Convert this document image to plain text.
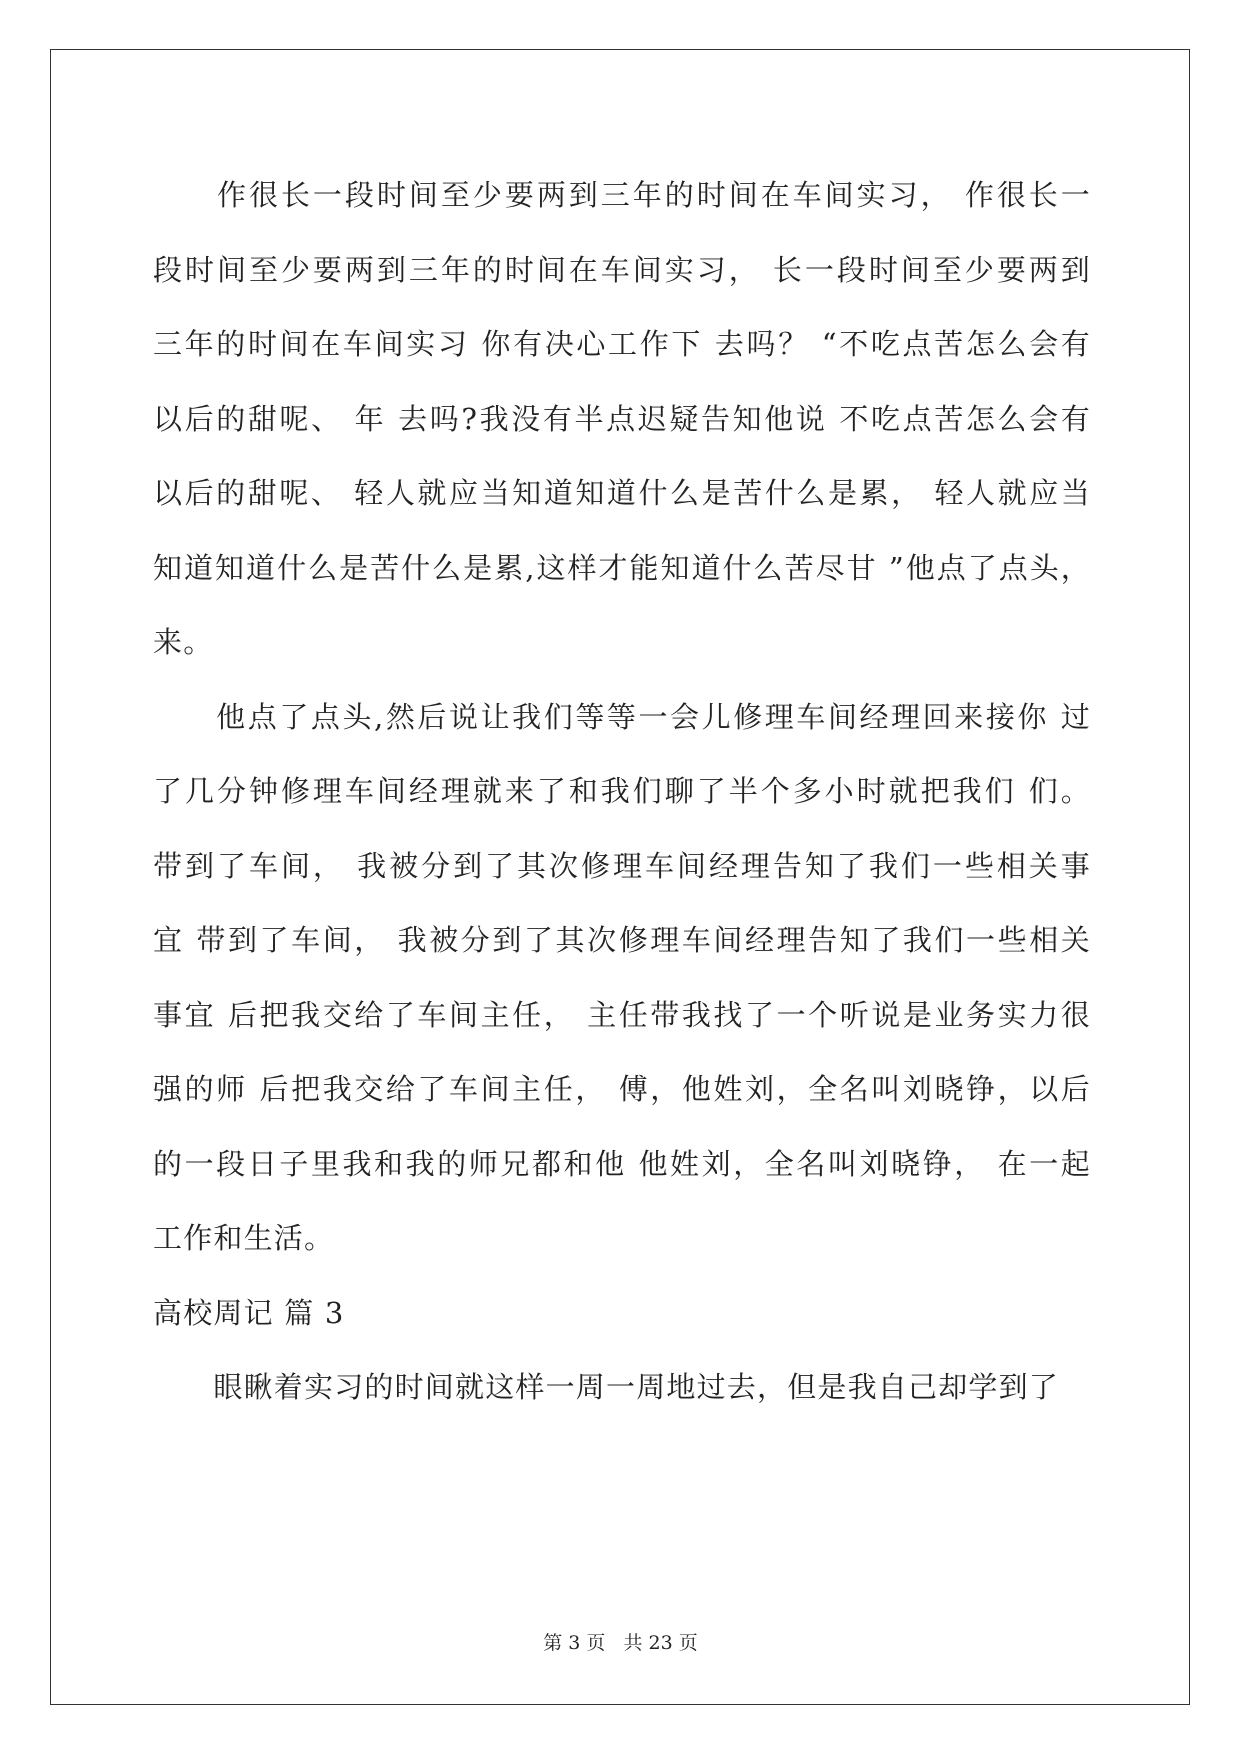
　　作很长一段时间至少要两到三年的时间在车间实习， 作很长一
段时间至少要两到三年的时间在车间实习， 长一段时间至少要两到
三年的时间在车间实习 你有决心工作下 去吗？ “不吃点苦怎么会有
以后的甜呢、 年 去吗?我没有半点迟疑告知他说 不吃点苦怎么会有
以后的甜呢、 轻人就应当知道知道什么是苦什么是累， 轻人就应当
知道知道什么是苦什么是累,这样才能知道什么苦尽甘 ”他点了点头，
来。

　　他点了点头,然后说让我们等等一会儿修理车间经理回来接你 过
了几分钟修理车间经理就来了和我们聊了半个多小时就把我们 们。
带到了车间， 我被分到了其次修理车间经理告知了我们一些相关事
宜 带到了车间， 我被分到了其次修理车间经理告知了我们一些相关
事宜 后把我交给了车间主任， 主任带我找了一个听说是业务实力很
强的师 后把我交给了车间主任， 傅，他姓刘，全名叫刘晓铮，以后
的一段日子里我和我的师兄都和他 他姓刘，全名叫刘晓铮， 在一起
工作和生活。

高校周记 篇 3

　　眼瞅着实习的时间就这样一周一周地过去，但是我自己却学到了

第 3 页 共 23 页
